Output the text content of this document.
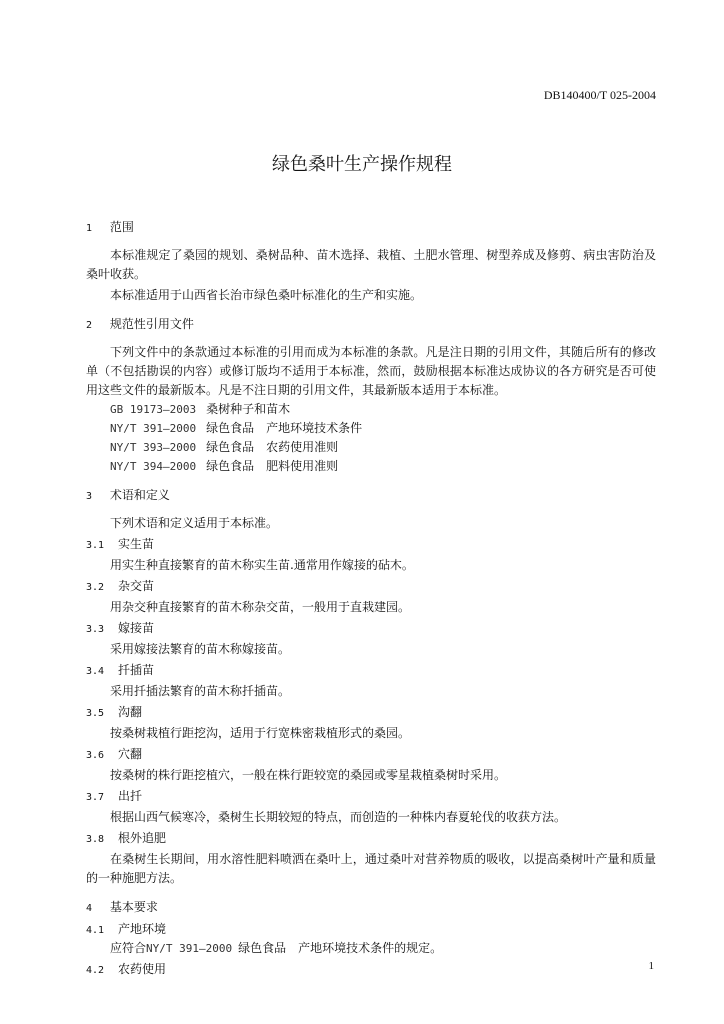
DB140400/T 025-2004
绿色桑叶生产操作规程
1 范围
本标准规定了桑园的规划、桑树品种、苗木选择、栽植、土肥水管理、树型养成及修剪、病虫害防治及桑叶收获。
本标准适用于山西省长治市绿色桑叶标准化的生产和实施。
2 规范性引用文件
下列文件中的条款通过本标准的引用而成为本标准的条款。凡是注日期的引用文件，其随后所有的修改单（不包括勘误的内容）或修订版均不适用于本标准，然而，鼓励根据本标准达成协议的各方研究是否可使用这些文件的最新版本。凡是不注日期的引用文件，其最新版本适用于本标准。
GB 19173—2003 桑树种子和苗木
NY/T 391—2000 绿色食品 产地环境技术条件
NY/T 393—2000 绿色食品 农药使用准则
NY/T 394—2000 绿色食品 肥料使用准则
3 术语和定义
下列术语和定义适用于本标准。
3.1 实生苗
用实生种直接繁育的苗木称实生苗.通常用作嫁接的砧木。
3.2 杂交苗
用杂交种直接繁育的苗木称杂交苗，一般用于直栽建园。
3.3 嫁接苗
采用嫁接法繁育的苗木称嫁接苗。
3.4 扦插苗
采用扦插法繁育的苗木称扦插苗。
3.5 沟翻
按桑树栽植行距挖沟，适用于行宽株密栽植形式的桑园。
3.6 穴翻
按桑树的株行距挖植穴，一般在株行距较宽的桑园或零星栽植桑树时采用。
3.7 出扦
根据山西气候寒冷，桑树生长期较短的特点，而创造的一种株内春夏轮伐的收获方法。
3.8 根外追肥
在桑树生长期间，用水溶性肥料喷洒在桑叶上，通过桑叶对营养物质的吸收，以提高桑树叶产量和质量的一种施肥方法。
4 基本要求
4.1 产地环境
应符合NY/T 391—2000 绿色食品　产地环境技术条件的规定。
4.2 农药使用	1
